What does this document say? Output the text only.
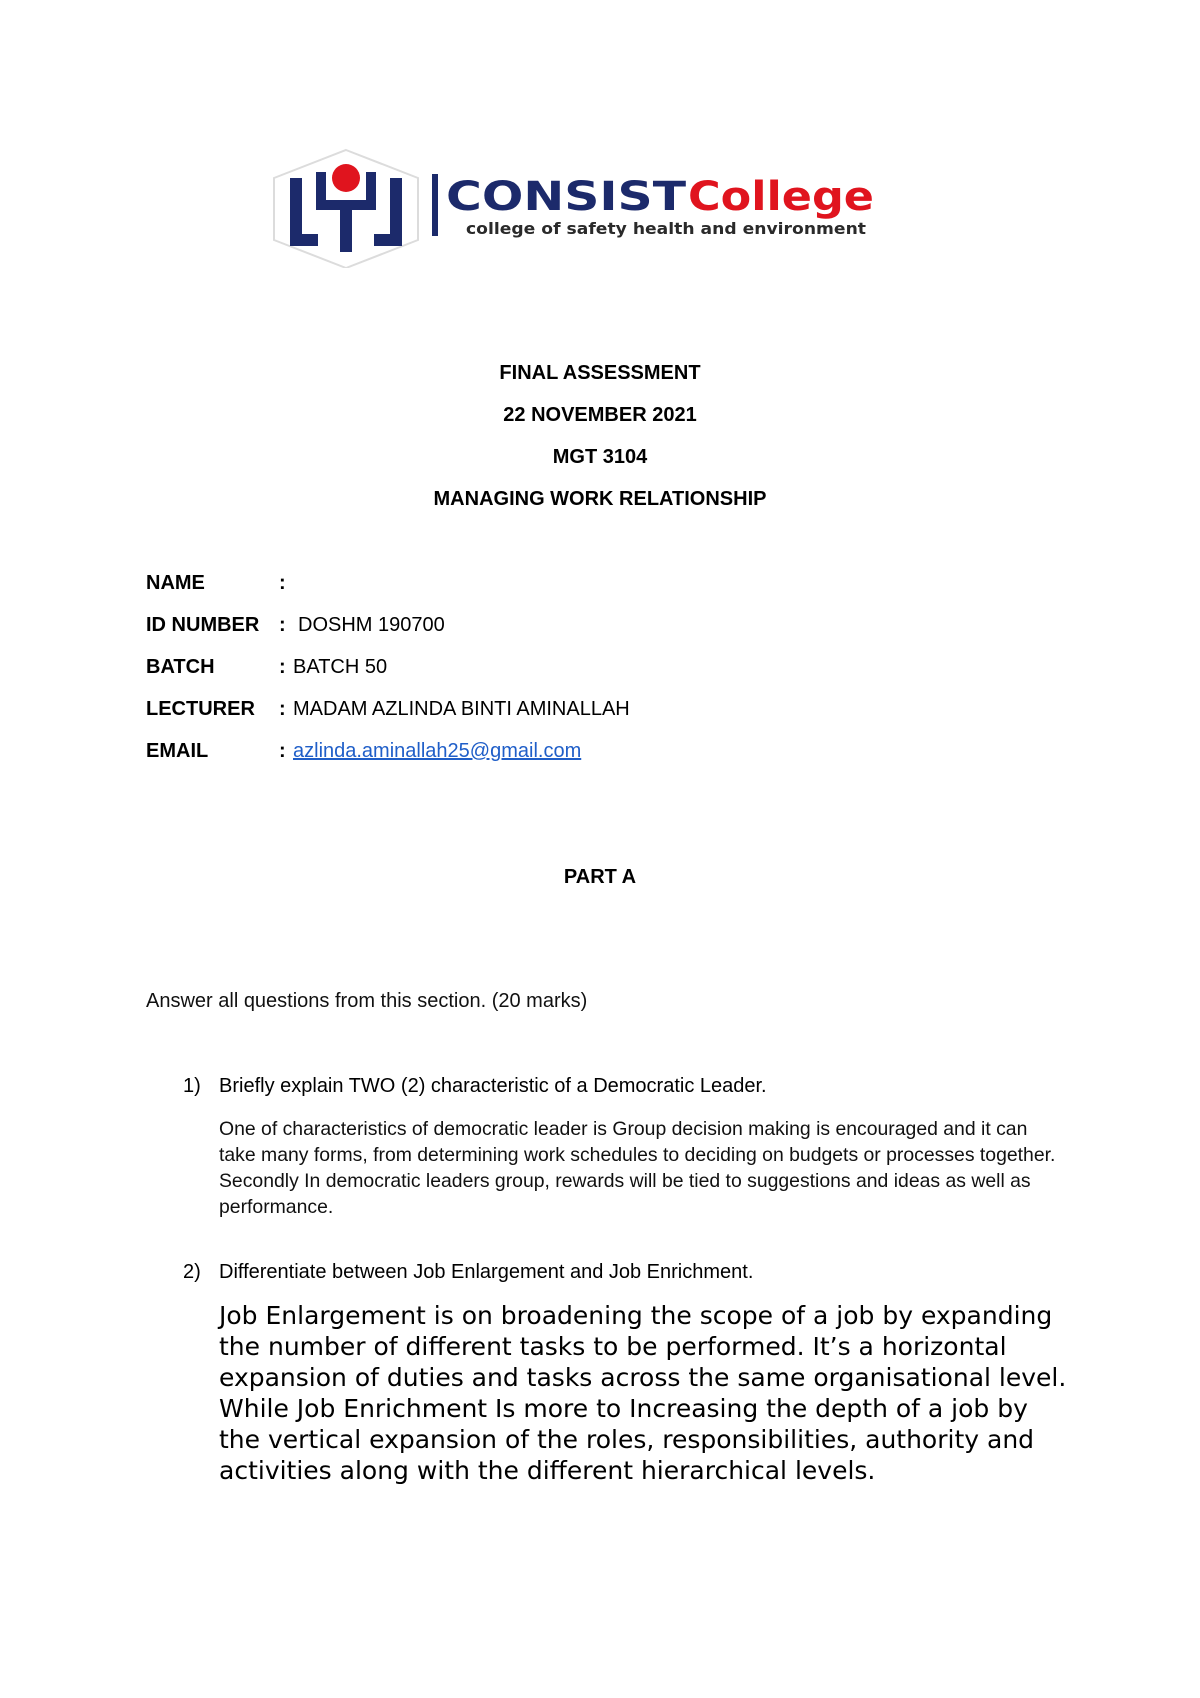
CONSIST College
college of safety health and environment
FINAL ASSESSMENT
22 NOVEMBER 2021
MGT 3104
MANAGING WORK RELATIONSHIP
NAME	:
ID NUMBER : DOSHM 190700
BATCH	: BATCH 50
LECTURER : MADAM AZLINDA BINTI AMINALLAH
EMAIL	: azlinda.aminallah25@gmail.com
PART A
Answer all questions from this section. (20 marks)
1) Briefly explain TWO (2) characteristic of a Democratic Leader.
One of characteristics of democratic leader is Group decision making is encouraged and it can take many forms, from determining work schedules to deciding on budgets or processes together. Secondly In democratic leaders group, rewards will be tied to suggestions and ideas as well as performance.
2) Differentiate between Job Enlargement and Job Enrichment.
Job Enlargement is on broadening the scope of a job by expanding the number of different tasks to be performed. It’s a horizontal expansion of duties and tasks across the same organisational level. While Job Enrichment Is more to Increasing the depth of a job by the vertical expansion of the roles, responsibilities, authority and activities along with the different hierarchical levels.
